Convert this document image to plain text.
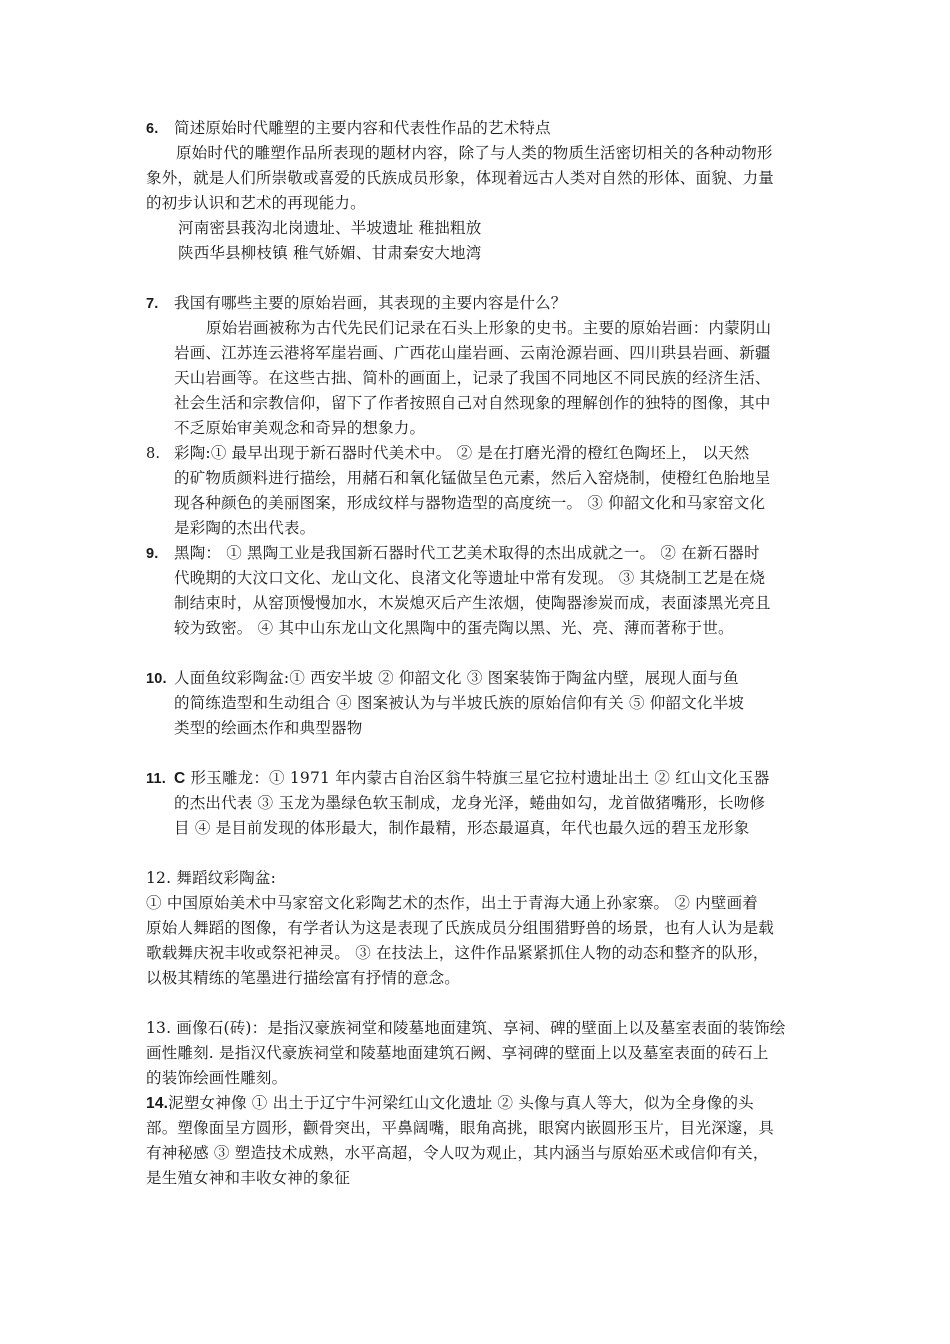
6. 简述原始时代雕塑的主要内容和代表性作品的艺术特点
原始时代的雕塑作品所表现的题材内容，除了与人类的物质生活密切相关的各种动物形
象外，就是人们所崇敬或喜爱的氏族成员形象，体现着远古人类对自然的形体、面貌、力量
的初步认识和艺术的再现能力。
河南密县莪沟北岗遗址、半坡遗址 稚拙粗放
陕西华县柳枝镇 稚气娇媚、甘肃秦安大地湾
7. 我国有哪些主要的原始岩画，其表现的主要内容是什么？
原始岩画被称为古代先民们记录在石头上形象的史书。主要的原始岩画：内蒙阴山
岩画、江苏连云港将军崖岩画、广西花山崖岩画、云南沧源岩画、四川珙县岩画、新疆
天山岩画等。在这些古拙、简朴的画面上，记录了我国不同地区不同民族的经济生活、
社会生活和宗教信仰，留下了作者按照自己对自然现象的理解创作的独特的图像，其中
不乏原始审美观念和奇异的想象力。
8. 彩陶:① 最早出现于新石器时代美术中。 ② 是在打磨光滑的橙红色陶坯上， 以天然
的矿物质颜料进行描绘，用赭石和氧化锰做呈色元素，然后入窑烧制，使橙红色胎地呈
现各种颜色的美丽图案，形成纹样与器物造型的高度统一。 ③ 仰韶文化和马家窑文化
是彩陶的杰出代表。
9. 黑陶： ① 黑陶工业是我国新石器时代工艺美术取得的杰出成就之一。 ② 在新石器时
代晚期的大汶口文化、龙山文化、良渚文化等遗址中常有发现。 ③ 其烧制工艺是在烧
制结束时，从窑顶慢慢加水，木炭熄灭后产生浓烟，使陶器渗炭而成，表面漆黑光亮且
较为致密。 ④ 其中山东龙山文化黑陶中的蛋壳陶以黑、光、亮、薄而著称于世。
10. 人面鱼纹彩陶盆:① 西安半坡 ② 仰韶文化 ③ 图案装饰于陶盆内壁，展现人面与鱼
的简练造型和生动组合 ④ 图案被认为与半坡氏族的原始信仰有关 ⑤ 仰韶文化半坡
类型的绘画杰作和典型器物
11. C 形玉雕龙：① 1971 年内蒙古自治区翁牛特旗三星它拉村遗址出土 ② 红山文化玉器
的杰出代表 ③ 玉龙为墨绿色软玉制成，龙身光泽，蜷曲如勾，龙首做猪嘴形，长吻修
目 ④ 是目前发现的体形最大，制作最精，形态最逼真，年代也最久远的碧玉龙形象
12. 舞蹈纹彩陶盆:
① 中国原始美术中马家窑文化彩陶艺术的杰作，出土于青海大通上孙家寨。 ② 内壁画着
原始人舞蹈的图像，有学者认为这是表现了氏族成员分组围猎野兽的场景，也有人认为是载
歌载舞庆祝丰收或祭祀神灵。 ③ 在技法上，这件作品紧紧抓住人物的动态和整齐的队形，
以极其精练的笔墨进行描绘富有抒情的意念。
13. 画像石(砖)：是指汉豪族祠堂和陵墓地面建筑、享祠、碑的壁面上以及墓室表面的装饰绘
画性雕刻. 是指汉代豪族祠堂和陵墓地面建筑石阙、享祠碑的壁面上以及墓室表面的砖石上
的装饰绘画性雕刻。
14.泥塑女神像 ① 出土于辽宁牛河梁红山文化遗址 ② 头像与真人等大，似为全身像的头
部。塑像面呈方圆形，颧骨突出，平鼻阔嘴，眼角高挑，眼窝内嵌圆形玉片，目光深邃，具
有神秘感 ③ 塑造技术成熟，水平高超，令人叹为观止，其内涵当与原始巫术或信仰有关，
是生殖女神和丰收女神的象征
